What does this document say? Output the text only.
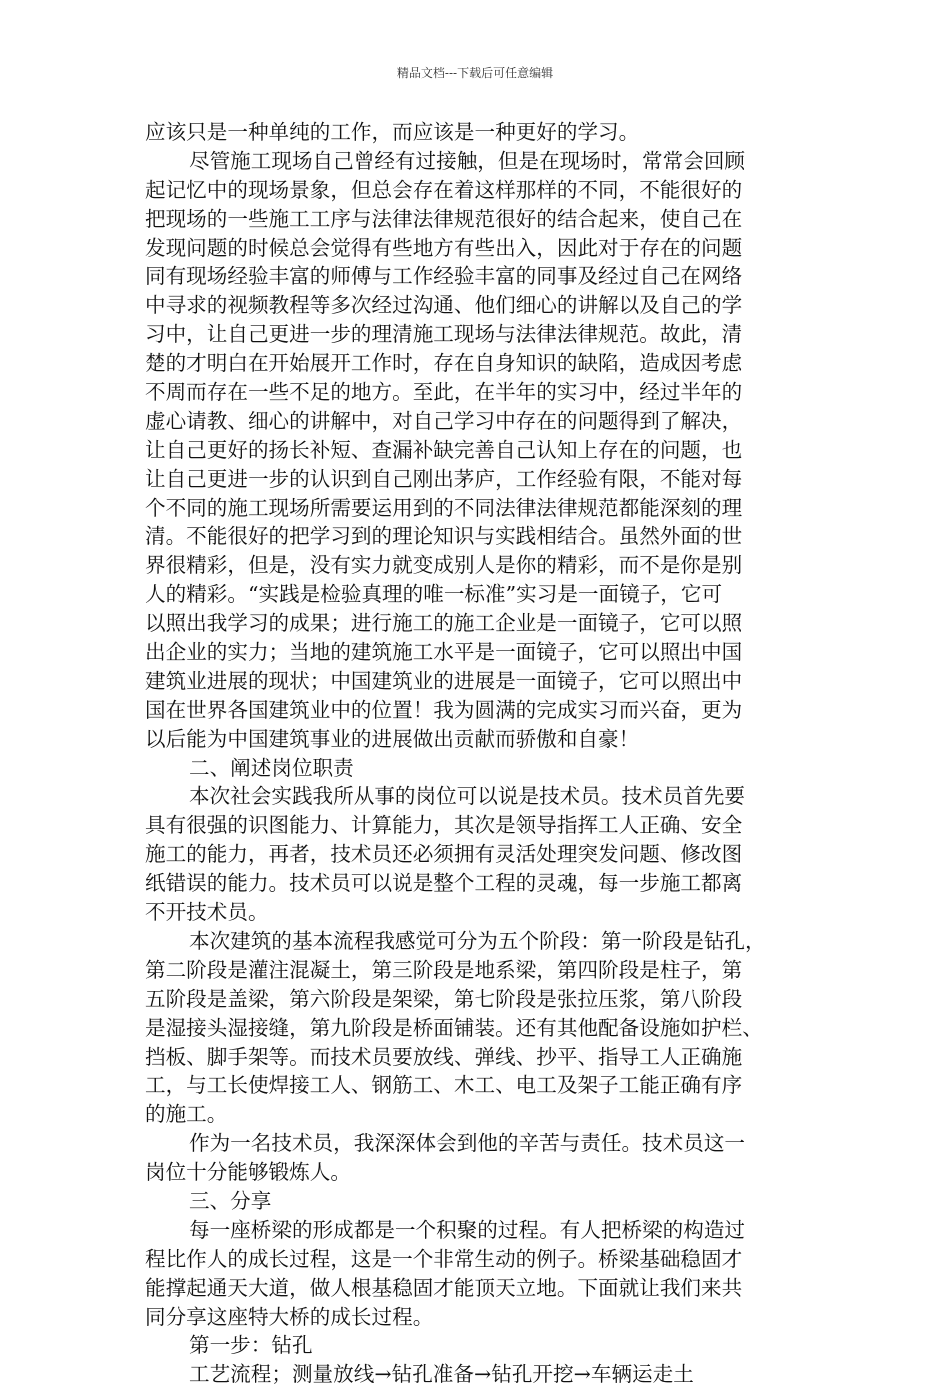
精品文档---下载后可任意编辑
应该只是一种单纯的工作，而应该是一种更好的学习。
尽管施工现场自己曾经有过接触，但是在现场时，常常会回顾
起记忆中的现场景象，但总会存在着这样那样的不同，不能很好的
把现场的一些施工工序与法律法律规范很好的结合起来，使自己在
发现问题的时候总会觉得有些地方有些出入，因此对于存在的问题
同有现场经验丰富的师傅与工作经验丰富的同事及经过自己在网络
中寻求的视频教程等多次经过沟通、他们细心的讲解以及自己的学
习中，让自己更进一步的理清施工现场与法律法律规范。故此，清
楚的才明白在开始展开工作时，存在自身知识的缺陷，造成因考虑
不周而存在一些不足的地方。至此，在半年的实习中，经过半年的
虚心请教、细心的讲解中，对自己学习中存在的问题得到了解决，
让自己更好的扬长补短、查漏补缺完善自己认知上存在的问题，也
让自己更进一步的认识到自己刚出茅庐，工作经验有限，不能对每
个不同的施工现场所需要运用到的不同法律法律规范都能深刻的理
清。不能很好的把学习到的理论知识与实践相结合。虽然外面的世
界很精彩，但是，没有实力就变成别人是你的精彩，而不是你是别
人的精彩。“实践是检验真理的唯一标准”实习是一面镜子，它可
以照出我学习的成果；进行施工的施工企业是一面镜子，它可以照
出企业的实力；当地的建筑施工水平是一面镜子，它可以照出中国
建筑业进展的现状；中国建筑业的进展是一面镜子，它可以照出中
国在世界各国建筑业中的位置！我为圆满的完成实习而兴奋，更为
以后能为中国建筑事业的进展做出贡献而骄傲和自豪！
二、阐述岗位职责
本次社会实践我所从事的岗位可以说是技术员。技术员首先要
具有很强的识图能力、计算能力，其次是领导指挥工人正确、安全
施工的能力，再者，技术员还必须拥有灵活处理突发问题、修改图
纸错误的能力。技术员可以说是整个工程的灵魂，每一步施工都离
不开技术员。
本次建筑的基本流程我感觉可分为五个阶段：第一阶段是钻孔，
第二阶段是灌注混凝土，第三阶段是地系梁，第四阶段是柱子，第
五阶段是盖梁，第六阶段是架梁，第七阶段是张拉压浆，第八阶段
是湿接头湿接缝，第九阶段是桥面铺装。还有其他配备设施如护栏、
挡板、脚手架等。而技术员要放线、弹线、抄平、指导工人正确施
工，与工长使焊接工人、钢筋工、木工、电工及架子工能正确有序
的施工。
作为一名技术员，我深深体会到他的辛苦与责任。技术员这一
岗位十分能够锻炼人。
三、分享
每一座桥梁的形成都是一个积聚的过程。有人把桥梁的构造过
程比作人的成长过程，这是一个非常生动的例子。桥梁基础稳固才
能撑起通天大道，做人根基稳固才能顶天立地。下面就让我们来共
同分享这座特大桥的成长过程。
第一步：钻孔
工艺流程；测量放线→钻孔准备→钻孔开挖→车辆运走土
